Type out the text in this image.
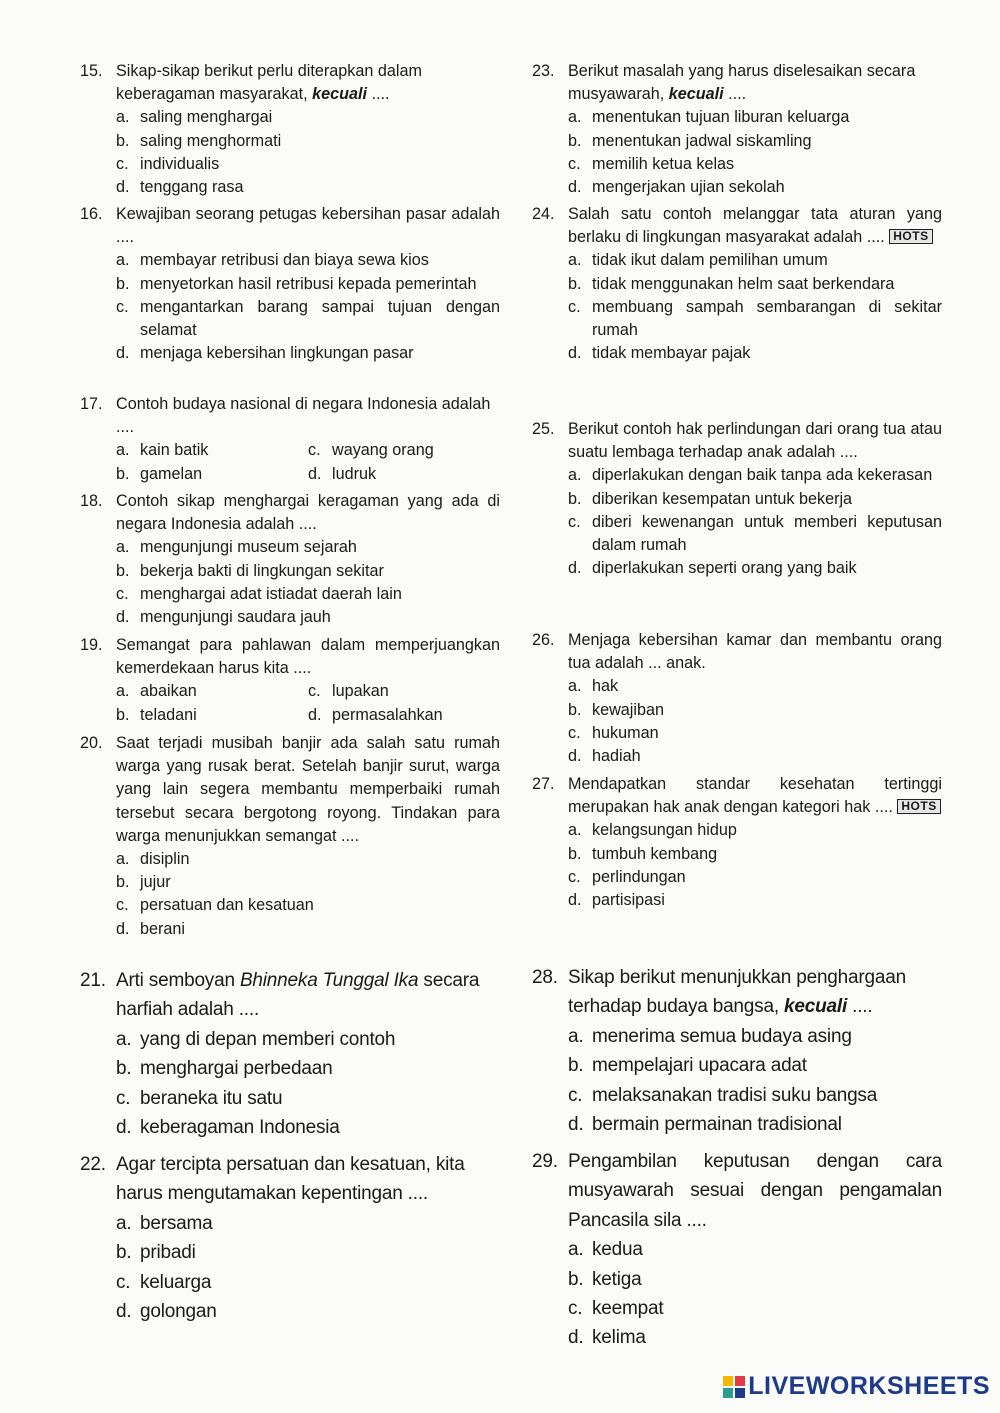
15. Sikap-sikap berikut perlu diterapkan dalam keberagaman masyarakat, kecuali ....
a. saling menghargai
b. saling menghormati
c. individualis
d. tenggang rasa
16. Kewajiban seorang petugas kebersihan pasar adalah ....
a. membayar retribusi dan biaya sewa kios
b. menyetorkan hasil retribusi kepada pemerintah
c. mengantarkan barang sampai tujuan dengan selamat
d. menjaga kebersihan lingkungan pasar
17. Contoh budaya nasional di negara Indonesia adalah ....
a. kain batik	c. wayang orang
b. gamelan	d. ludruk
18. Contoh sikap menghargai keragaman yang ada di negara Indonesia adalah ....
a. mengunjungi museum sejarah
b. bekerja bakti di lingkungan sekitar
c. menghargai adat istiadat daerah lain
d. mengunjungi saudara jauh
19. Semangat para pahlawan dalam memperjuangkan kemerdekaan harus kita ....
a. abaikan	c. lupakan
b. teladani	d. permasalahkan
20. Saat terjadi musibah banjir ada salah satu rumah warga yang rusak berat. Setelah banjir surut, warga yang lain segera membantu memperbaiki rumah tersebut secara bergotong royong. Tindakan para warga menunjukkan semangat ....
a. disiplin
b. jujur
c. persatuan dan kesatuan
d. berani
21. Arti semboyan Bhinneka Tunggal Ika secara harfiah adalah ....
a. yang di depan memberi contoh
b. menghargai perbedaan
c. beraneka itu satu
d. keberagaman Indonesia
22. Agar tercipta persatuan dan kesatuan, kita harus mengutamakan kepentingan ....
a. bersama
b. pribadi
c. keluarga
d. golongan
23. Berikut masalah yang harus diselesaikan secara musyawarah, kecuali ....
a. menentukan tujuan liburan keluarga
b. menentukan jadwal siskamling
c. memilih ketua kelas
d. mengerjakan ujian sekolah
24. Salah satu contoh melanggar tata aturan yang berlaku di lingkungan masyarakat adalah .... HOTS
a. tidak ikut dalam pemilihan umum
b. tidak menggunakan helm saat berkendara
c. membuang sampah sembarangan di sekitar rumah
d. tidak membayar pajak
25. Berikut contoh hak perlindungan dari orang tua atau suatu lembaga terhadap anak adalah ....
a. diperlakukan dengan baik tanpa ada kekerasan
b. diberikan kesempatan untuk bekerja
c. diberi kewenangan untuk memberi keputusan dalam rumah
d. diperlakukan seperti orang yang baik
26. Menjaga kebersihan kamar dan membantu orang tua adalah ... anak.
a. hak
b. kewajiban
c. hukuman
d. hadiah
27. Mendapatkan standar kesehatan tertinggi merupakan hak anak dengan kategori hak .... HOTS
a. kelangsungan hidup
b. tumbuh kembang
c. perlindungan
d. partisipasi
28. Sikap berikut menunjukkan penghargaan terhadap budaya bangsa, kecuali ....
a. menerima semua budaya asing
b. mempelajari upacara adat
c. melaksanakan tradisi suku bangsa
d. bermain permainan tradisional
29. Pengambilan keputusan dengan cara musyawarah sesuai dengan pengamalan Pancasila sila ....
a. kedua
b. ketiga
c. keempat
d. kelima
LIVEWORKSHEETS
